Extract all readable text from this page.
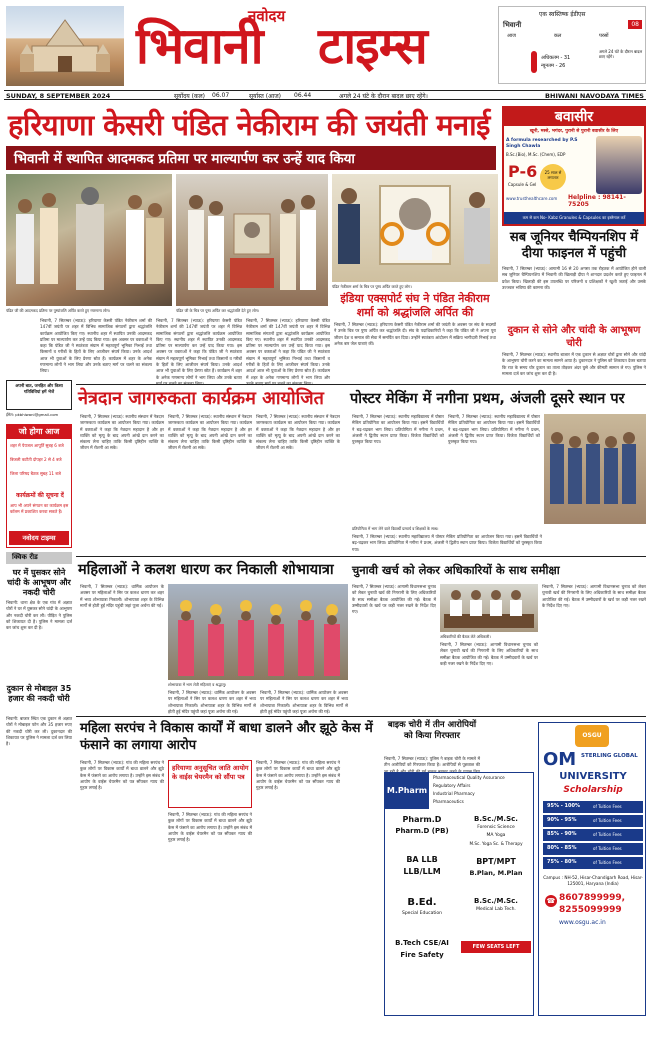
नवोदय
भिवानी टाइम्स
एक स्वस्तिष्क ईडीएस
भिवानी	08
आज	कल	परसों
अधिकतम - 31
न्यूनतम - 26
अगले 24 घंटे के दौरान बादल छाए रहेंगे।
SUNDAY, 8 SEPTEMBER 2024	सूर्योदय (कल) 06.07	सूर्यास्त (आज) 06.44	अगले 24 घंटे के दौरान बादल छाए रहेंगे।	BHIWANI NAVODAYA TIMES
हरियाणा केसरी पंडित नेकीराम की जयंती मनाई
भिवानी में स्थापित आदमकद प्रतिमा पर माल्यार्पण कर उन्हें याद किया
पंडित जी की आदमकद प्रतिमा पर पुष्पांजलि अर्पित करते हुए गणमान्य लोग।	पंडित जी के चित्र पर पुष्प अर्पित कर श्रद्धांजलि देते हुए लोग।
पंडित नेकीराम शर्मा के चित्र पर पुष्प अर्पित करते हुए लोग।
इंडिया एक्सपोर्ट संघ ने पंडित नेकीराम शर्मा को श्रद्धांजलि अर्पित की
भिवानी, 7 सितम्बर (भ्याऊ): हरियाणा केसरी पंडित नेकीराम शर्मा की जयंती के अवसर पर संघ के सदस्यों ने उनके चित्र पर पुष्प अर्पित कर श्रद्धांजलि दी। संघ के पदाधिकारियों ने कहा कि पंडित जी ने अपना पूरा जीवन देश व समाज की सेवा में समर्पित कर दिया। उन्होंने स्वतंत्रता आंदोलन में सक्रिय भागीदारी निभाई तथा अनेक बार जेल यात्राएं कीं।
भिवानी, 7 सितम्बर (भ्याऊ): हरियाणा केसरी पंडित नेकीराम शर्मा की 147वीं जयंती पर शहर में विभिन्न सामाजिक संगठनों द्वारा श्रद्धांजलि कार्यक्रम आयोजित किए गए। स्थानीय शहर में स्थापित उनकी आदमकद प्रतिमा पर माल्यार्पण कर उन्हें याद किया गया। इस अवसर पर वक्ताओं ने कहा कि पंडित जी ने स्वतंत्रता संग्राम में महत्वपूर्ण भूमिका निभाई तथा किसानों व गरीबों के हितों के लिए आजीवन संघर्ष किया। उनके आदर्श आज भी युवाओं के लिए प्रेरणा स्रोत हैं। कार्यक्रम में शहर के अनेक गणमान्य लोगों ने भाग लिया और उनके बताए मार्ग पर चलने का संकल्प लिया।
भिवानी, 7 सितम्बर (भ्याऊ): हरियाणा केसरी पंडित नेकीराम शर्मा की 147वीं जयंती पर शहर में विभिन्न सामाजिक संगठनों द्वारा श्रद्धांजलि कार्यक्रम आयोजित किए गए। स्थानीय शहर में स्थापित उनकी आदमकद प्रतिमा पर माल्यार्पण कर उन्हें याद किया गया। इस अवसर पर वक्ताओं ने कहा कि पंडित जी ने स्वतंत्रता संग्राम में महत्वपूर्ण भूमिका निभाई तथा किसानों व गरीबों के हितों के लिए आजीवन संघर्ष किया। उनके आदर्श आज भी युवाओं के लिए प्रेरणा स्रोत हैं। कार्यक्रम में शहर के अनेक गणमान्य लोगों ने भाग लिया और उनके बताए
भिवानी, 7 सितम्बर (भ्याऊ): हरियाणा केसरी पंडित नेकीराम शर्मा की 147वीं जयंती पर शहर में विभिन्न सामाजिक संगठनों द्वारा श्रद्धांजलि कार्यक्रम आयोजित किए गए। स्थानीय शहर में स्थापित उनकी आदमकद प्रतिमा पर माल्यार्पण कर उन्हें याद किया गया। इस अवसर पर वक्ताओं ने कहा कि पंडित जी ने स्वतंत्रता संग्राम में महत्वपूर्ण भूमिका निभाई तथा किसानों व गरीबों के हितों के लिए आजीवन संघर्ष किया। उनके आदर्श आज भी युवाओं के लिए प्रेरणा स्रोत हैं। कार्यक्रम में शहर के अनेक गणमान्य लोगों ने भाग लिया और
बवासीर
खूनी, मस्से, भगंदर, पुरानी से पुरानी बवासीर के लिए
A formula researched by P.S Singh Chawla
B.Sc.(Bio), M.Sc. (Chem), EDP
P-6
Capsule & Gel
25 साल से लगातार
www.trusthealthcare.com	Helpline : 98141-75205
कम से कम No- Kabz Granules & Capsules का इस्तेमाल करें
सब जूनियर चैम्पियनशिप में दीया फाइनल में पहुंची
भिवानी, 7 सितम्बर (भ्याऊ): आगामी 16 से 20 अगस्त तक रोहतक में आयोजित होने वाली सब जूनियर चैम्पियनशिप में भिवानी की खिलाड़ी दीया ने शानदार प्रदर्शन करते हुए फाइनल में प्रवेश किया। खिलाड़ी की इस उपलब्धि पर परिजनों व प्रशिक्षकों ने खुशी जताई और उसके उज्ज्वल भविष्य की कामना की।
दुकान से सोने और चांदी के आभूषण चोरी
भिवानी, 7 सितम्बर (भ्याऊ): स्थानीय बाजार में एक दुकान से अज्ञात चोरों द्वारा सोने और चांदी के आभूषण चोरी करने का मामला सामने आया है। दुकानदार ने पुलिस को शिकायत देकर बताया कि रात के समय चोर दुकान का ताला तोड़कर अंदर घुसे और कीमती सामान ले गए। पुलिस ने मामला दर्ज कर जांच शुरू कर दी है।
अपनी बात, जनहित और किसा गतिविधियां हमें भेजें
ईमेल: pkbhiwani@gmail.com
जो होगा आज
शहर में पेयजल आपूर्ति सुबह 6 बजे
बिजली कटौती दोपहर 2 से 4 बजे
जिला परिषद बैठक सुबह 11 बजे
कार्यक्रमों की सूचना दें
आप भी अपने संगठन का कार्यक्रम इस कॉलम में प्रकाशित करवा सकते हैं।
नवोदय टाइम्स
क्विक रीड
घर में घुसकर सोने चांदी के आभूषण और नकदी चोरी
भिवानी: थाना क्षेत्र के एक गांव में अज्ञात चोरों ने घर में घुसकर सोने चांदी के आभूषण और नकदी चोरी कर ली। पीड़ित ने पुलिस को शिकायत दी है। पुलिस ने मामला दर्ज कर जांच शुरू कर दी है।
दुकान से मोबाइल 35 हजार की नकदी चोरी
भिवानी: बाजार स्थित एक दुकान से अज्ञात चोरों ने मोबाइल फोन और 35 हजार रुपए की नकदी चोरी कर ली। दुकानदार की शिकायत पर पुलिस ने मामला दर्ज कर लिया है।
नेत्रदान जागरुकता कार्यक्रम आयोजित
भिवानी, 7 सितम्बर (भ्याऊ): स्थानीय संस्थान में नेत्रदान जागरुकता कार्यक्रम का आयोजन किया गया। कार्यक्रम में वक्ताओं ने कहा कि नेत्रदान महादान है और हर व्यक्ति को मृत्यु के बाद अपनी आंखें दान करने का संकल्प लेना चाहिए ताकि किसी दृष्टिहीन व्यक्ति के जीवन में रोशनी आ सके।
भिवानी, 7 सितम्बर (भ्याऊ): स्थानीय संस्थान में नेत्रदान जागरुकता कार्यक्रम का आयोजन किया गया। कार्यक्रम में वक्ताओं ने कहा कि नेत्रदान महादान है और हर व्यक्ति को मृत्यु के बाद अपनी आंखें दान करने का संकल्प लेना चाहिए ताकि किसी दृष्टिहीन व्यक्ति के जीवन में रोशनी आ सके।
भिवानी, 7 सितम्बर (भ्याऊ): स्थानीय संस्थान में नेत्रदान जागरुकता कार्यक्रम का आयोजन किया गया। कार्यक्रम में वक्ताओं ने कहा कि नेत्रदान महादान है और हर व्यक्ति को मृत्यु के बाद अपनी आंखें दान करने का संकल्प लेना चाहिए ताकि किसी दृष्टिहीन व्यक्ति के जीवन में रोशनी आ सके।
पोस्टर मेकिंग में नगीना प्रथम, अंजली दूसरे स्थान पर
भिवानी, 7 सितम्बर (भ्याऊ): स्थानीय महाविद्यालय में पोस्टर मेकिंग प्रतियोगिता का आयोजन किया गया। इसमें विद्यार्थियों ने बढ़-चढ़कर भाग लिया। प्रतियोगिता में नगीना ने प्रथम, अंजली ने द्वितीय स्थान प्राप्त किया। विजेता विद्यार्थियों को पुरस्कृत किया गया।
भिवानी, 7 सितम्बर (भ्याऊ): स्थानीय महाविद्यालय में पोस्टर मेकिंग प्रतियोगिता का आयोजन किया गया। इसमें विद्यार्थियों ने बढ़-चढ़कर भाग लिया। प्रतियोगिता में नगीना ने प्रथम, अंजली ने द्वितीय स्थान प्राप्त किया। विजेता विद्यार्थियों को पुरस्कृत किया गया।
प्रतियोगिता में भाग लेने वाले विद्यार्थी प्राचार्य व शिक्षकों के साथ।
भिवानी, 7 सितम्बर (भ्याऊ): स्थानीय महाविद्यालय में पोस्टर मेकिंग प्रतियोगिता का आयोजन किया गया। इसमें विद्यार्थियों ने बढ़-चढ़कर भाग लिया। प्रतियोगिता में नगीना ने प्रथम, अंजली ने द्वितीय स्थान प्राप्त किया। विजेता विद्यार्थियों को पुरस्कृत किया गया।
महिलाओं ने कलश धारण कर निकाली शोभायात्रा
भिवानी, 7 सितम्बर (भ्याऊ): धार्मिक आयोजन के अवसर पर महिलाओं ने सिर पर कलश धारण कर शहर में भव्य शोभायात्रा निकाली। शोभायात्रा शहर के विभिन्न मार्गों से होती हुई मंदिर पहुंची जहां पूजा अर्चना की गई।
शोभायात्रा में भाग लेती महिलाएं व श्रद्धालु।
भिवानी, 7 सितम्बर (भ्याऊ): धार्मिक आयोजन के अवसर पर महिलाओं ने सिर पर कलश धारण कर शहर में भव्य शोभायात्रा निकाली। शोभायात्रा शहर के विभिन्न मार्गों से होती हुई मंदिर पहुंची जहां पूजा अर्चना की गई।
भिवानी, 7 सितम्बर (भ्याऊ): धार्मिक आयोजन के अवसर पर महिलाओं ने सिर पर कलश धारण कर शहर में भव्य शोभायात्रा निकाली। शोभायात्रा शहर के विभिन्न मार्गों से होती हुई मंदिर पहुंची जहां पूजा अर्चना की गई।
चुनावी खर्च को लेकर अधिकारियों के साथ समीक्षा
भिवानी, 7 सितम्बर (भ्याऊ): आगामी विधानसभा चुनाव को लेकर चुनावी खर्च की निगरानी के लिए अधिकारियों के साथ समीक्षा बैठक आयोजित की गई। बैठक में उम्मीदवारों के खर्च पर कड़ी नजर रखने के निर्देश दिए गए।
अधिकारियों की बैठक लेते अधिकारी।
भिवानी, 7 सितम्बर (भ्याऊ): आगामी विधानसभा चुनाव को लेकर चुनावी खर्च की निगरानी के लिए अधिकारियों के साथ समीक्षा बैठक आयोजित की गई। बैठक में उम्मीदवारों के खर्च पर कड़ी नजर रखने के निर्देश दिए गए।
भिवानी, 7 सितम्बर (भ्याऊ): आगामी विधानसभा चुनाव को लेकर चुनावी खर्च की निगरानी के लिए अधिकारियों के साथ समीक्षा बैठक आयोजित की गई। बैठक में उम्मीदवारों के खर्च पर कड़ी नजर रखने के निर्देश दिए गए।
महिला सरपंच ने विकास कार्यों में बाधा डालने और झूठे केस में फंसाने का लगाया आरोप
भिवानी, 7 सितम्बर (भ्याऊ): गांव की महिला सरपंच ने कुछ लोगों पर विकास कार्यों में बाधा डालने और झूठे केस में फंसाने का आरोप लगाया है। उन्होंने इस संबंध में आयोग के वाईस चेयरमैन को पत्र सौंपकर न्याय की गुहार लगाई है।
हरियाणा अनुसूचित जाति आयोग के वाईस चेयरमैन को सौंपा पत्र
भिवानी, 7 सितम्बर (भ्याऊ): गांव की महिला सरपंच ने कुछ लोगों पर विकास कार्यों में बाधा डालने और झूठे केस में फंसाने का आरोप लगाया है। उन्होंने इस संबंध में आयोग के वाईस चेयरमैन को पत्र सौंपकर न्याय की गुहार लगाई है।
भिवानी, 7 सितम्बर (भ्याऊ): गांव की महिला सरपंच ने कुछ लोगों पर विकास कार्यों में बाधा डालने और झूठे केस में फंसाने का आरोप लगाया है। उन्होंने इस संबंध में आयोग के वाईस चेयरमैन को पत्र सौंपकर न्याय की गुहार लगाई है।
बाइक चोरी में तीन आरोपियों को किया गिरफ्तार
भिवानी, 7 सितम्बर (भ्याऊ): पुलिस ने बाइक चोरी के मामले में तीन आरोपियों को गिरफ्तार किया है। आरोपियों से पूछताछ की
M.Pharm
Pharmaceutical Quality Assurance
Regulatory Affairs
Industrial Pharmacy
Pharmaceutics
Pharm.D
Pharm.D (PB)
BA LLB
LLB/LLM
B.Ed.
Special Education
B.Tech CSE/AI
Fire Safety
B.Sc./M.Sc.
Forensic Science
MA Yoga
M.Sc. Yoga Sc. & Therapy
BPT/MPT
B.Plan, M.Plan
B.Sc./M.Sc.
Medical Lab Tech.
FEW SEATS LEFT
OSGU
OM STERLING GLOBAL
UNIVERSITY
Scholarship
95% - 100%	of Tuition Fees
90% - 95%	of Tuition Fees
85% - 90%	of Tuition Fees
80% - 85%	of Tuition Fees
75% - 80%	of Tuition Fees
Campus : NH-52, Hisar-Chandigarh Road, Hisar-125001, Haryana (India)
☎ 8607899999,
8255099999
www.osgu.ac.in
